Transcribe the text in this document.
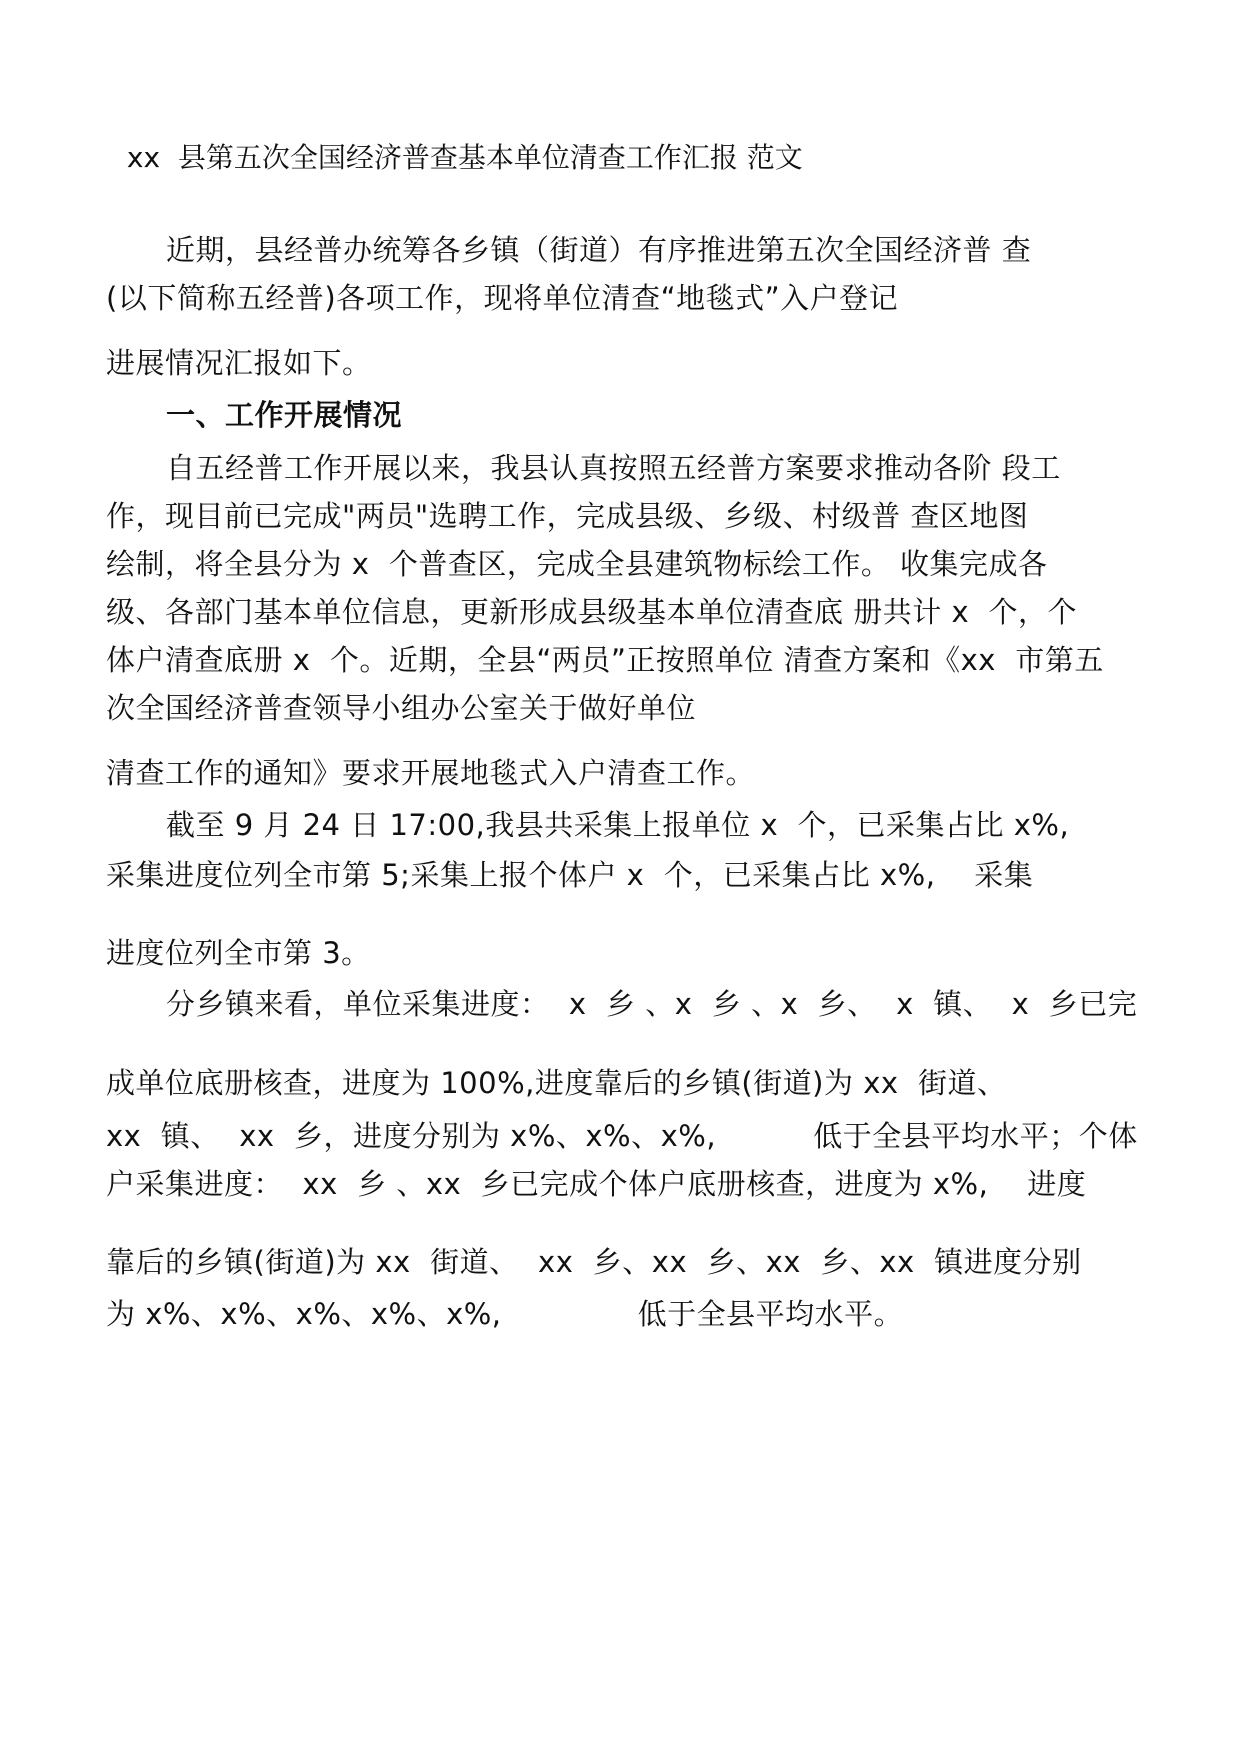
xx  县第五次全国经济普查基本单位清查工作汇报 范文
近期，县经普办统筹各乡镇（街道）有序推进第五次全国经济普 查
(以下简称五经普)各项工作，现将单位清查“地毯式”入户登记
进展情况汇报如下。
一、工作开展情况
自五经普工作开展以来，我县认真按照五经普方案要求推动各阶 段工
作，现目前已完成"两员"选聘工作，完成县级、乡级、村级普 查区地图
绘制，将全县分为 x  个普查区，完成全县建筑物标绘工作。 收集完成各
级、各部门基本单位信息，更新形成县级基本单位清查底 册共计 x  个，个
体户清查底册 x  个。近期，全县“两员”正按照单位 清查方案和《xx  市第五
次全国经济普查领导小组办公室关于做好单位
清查工作的通知》要求开展地毯式入户清查工作。
截至 9 月 24 日 17:00,我县共采集上报单位 x  个，已采集占比 x%,
采集进度位列全市第 5;采集上报个体户 x  个，已采集占比 x%,    采集
进度位列全市第 3。
分乡镇来看，单位采集进度：  x  乡 、x  乡 、x  乡、  x  镇、  x  乡已完
成单位底册核查，进度为 100%,进度靠后的乡镇(街道)为 xx  街道、
xx  镇、  xx  乡，进度分别为 x%、x%、x%,          低于全县平均水平；个体
户采集进度：  xx  乡 、xx  乡已完成个体户底册核查，进度为 x%,    进度
靠后的乡镇(街道)为 xx  街道、  xx  乡、xx  乡、xx  乡、xx  镇进度分别
为 x%、x%、x%、x%、x%,              低于全县平均水平。
